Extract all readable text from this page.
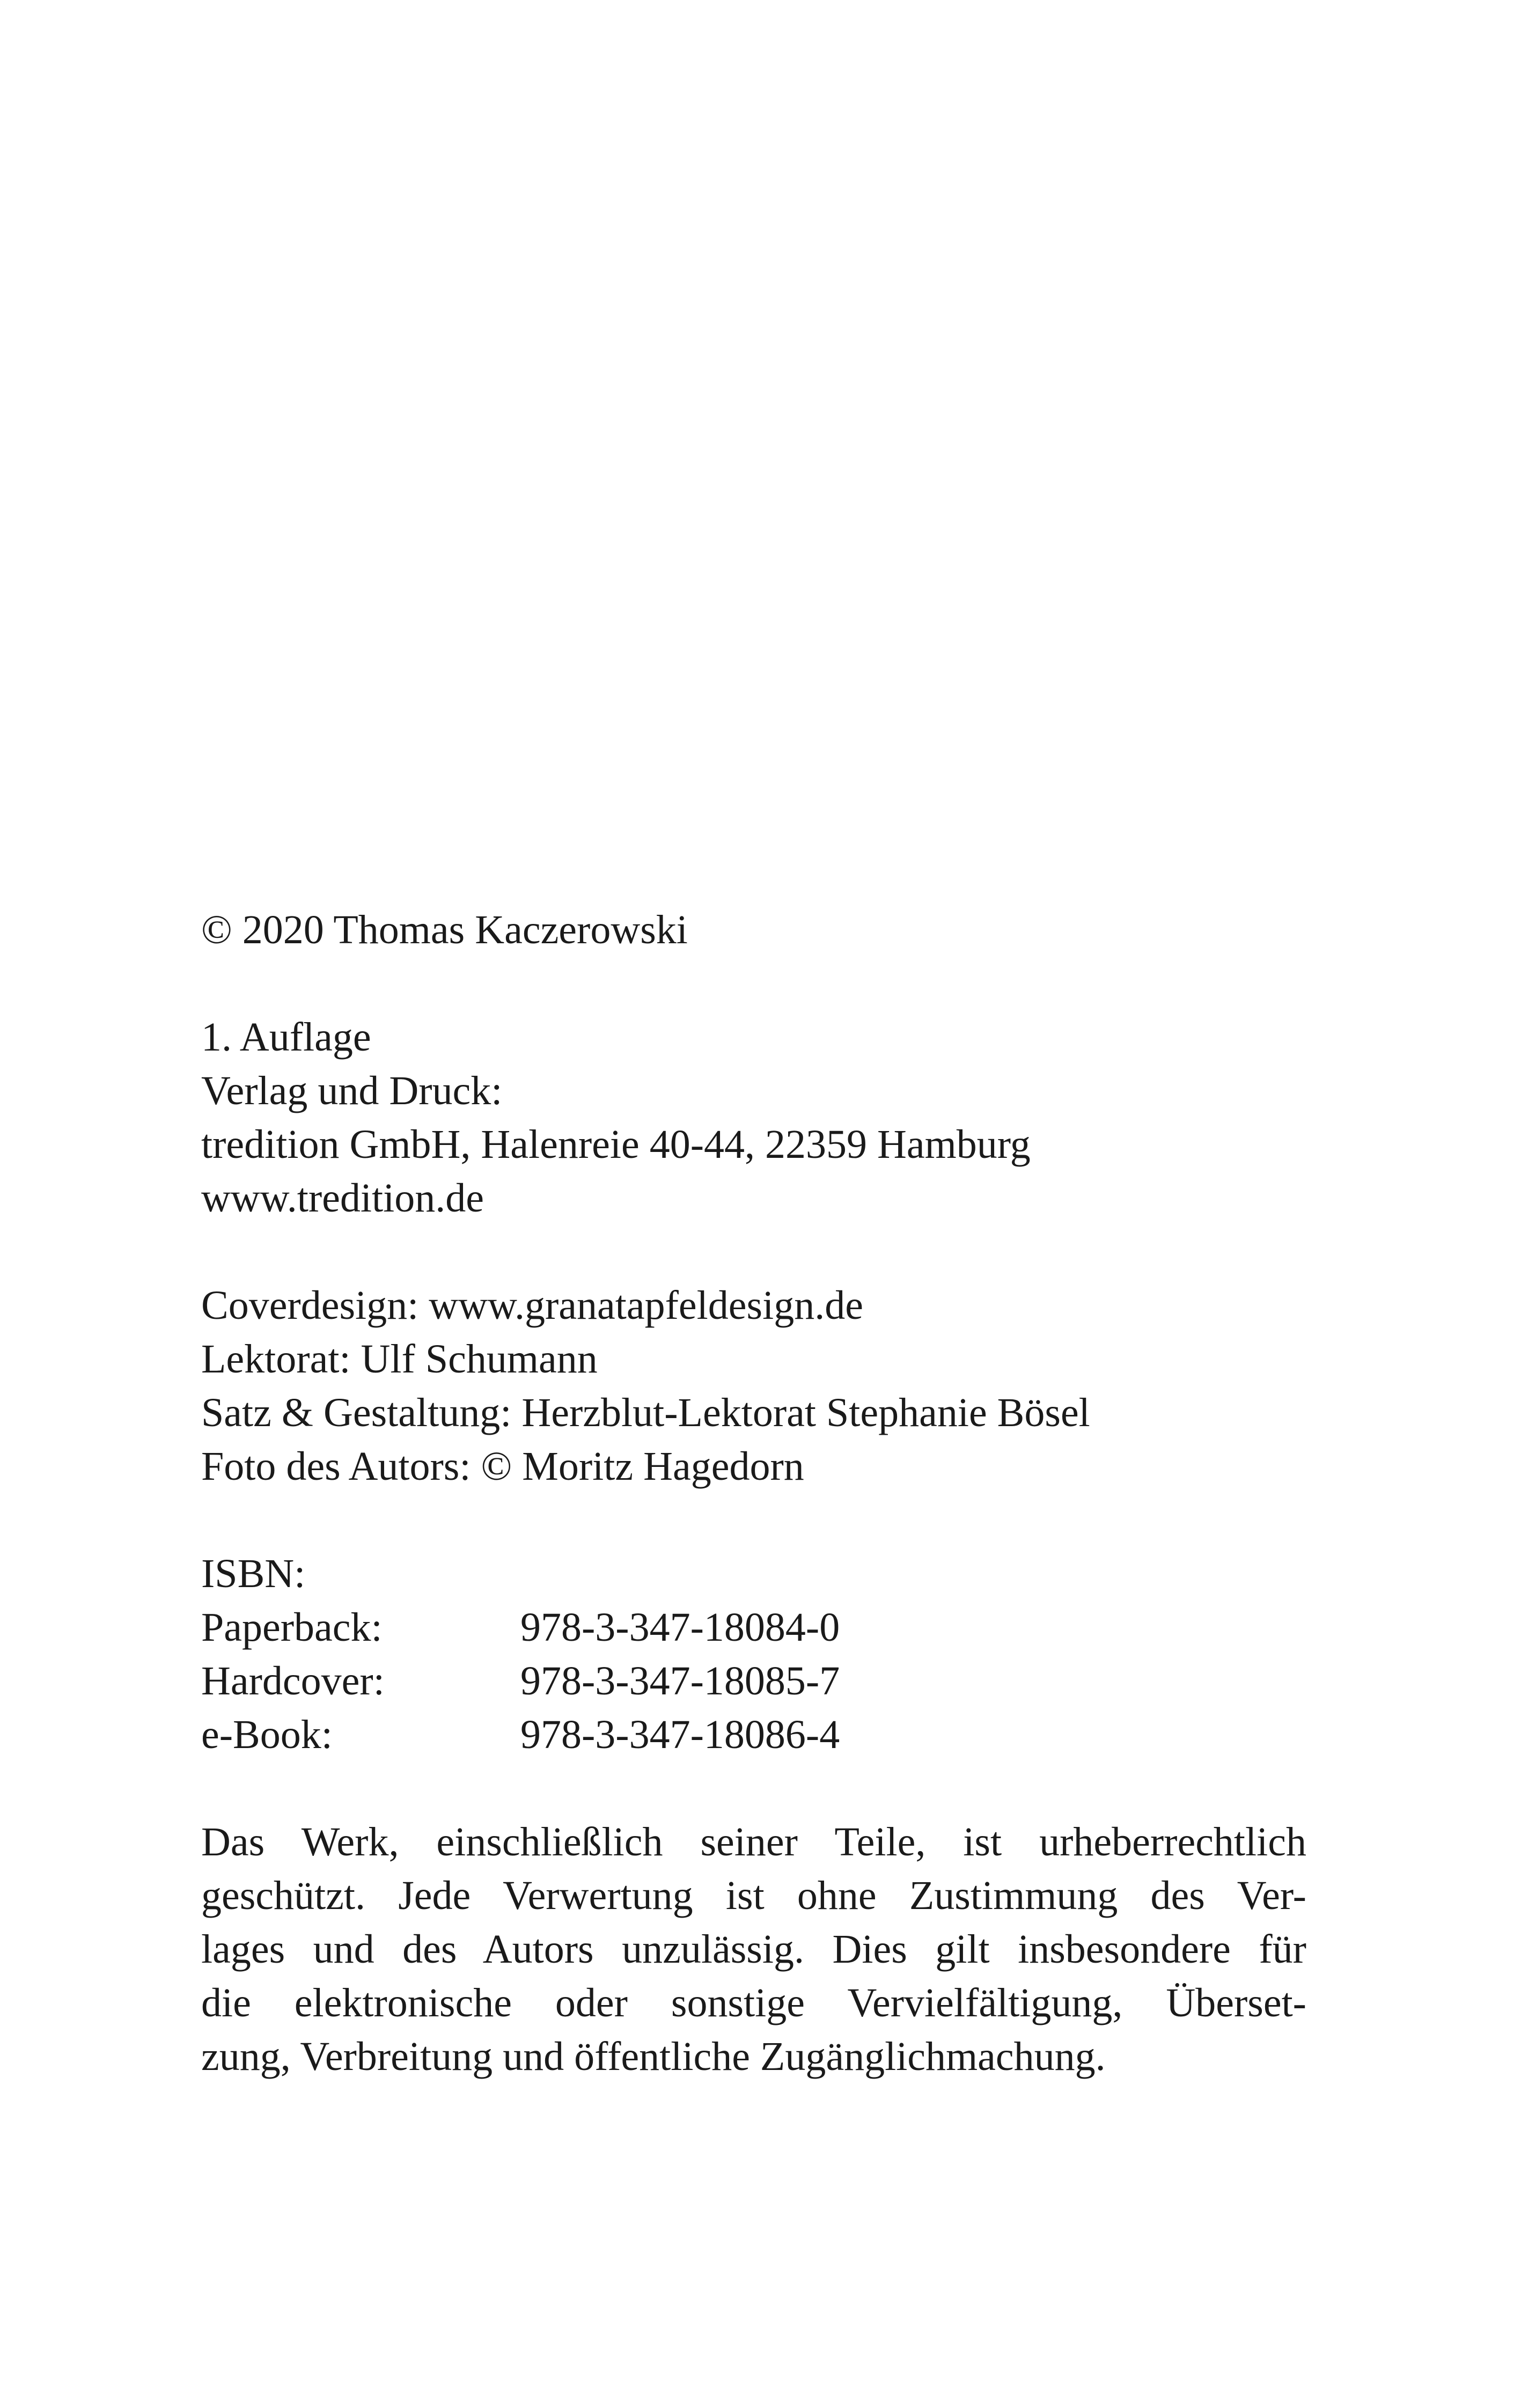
© 2020 Thomas Kaczerowski
1. Auflage
Verlag und Druck:
tredition GmbH, Halenreie 40-44, 22359 Hamburg
www.tredition.de
Coverdesign: www.granatapfeldesign.de
Lektorat: Ulf Schumann
Satz & Gestaltung: Herzblut-Lektorat Stephanie Bösel
Foto des Autors: © Moritz Hagedorn
ISBN:
Paperback:	978-3-347-18084-0
Hardcover:	978-3-347-18085-7
e-Book:	978-3-347-18086-4
Das Werk, einschließlich seiner Teile, ist urheberrechtlich
geschützt. Jede Verwertung ist ohne Zustimmung des Ver-
lages und des Autors unzulässig. Dies gilt insbesondere für
die elektronische oder sonstige Vervielfältigung, Überset-
zung, Verbreitung und öffentliche Zugänglichmachung.
